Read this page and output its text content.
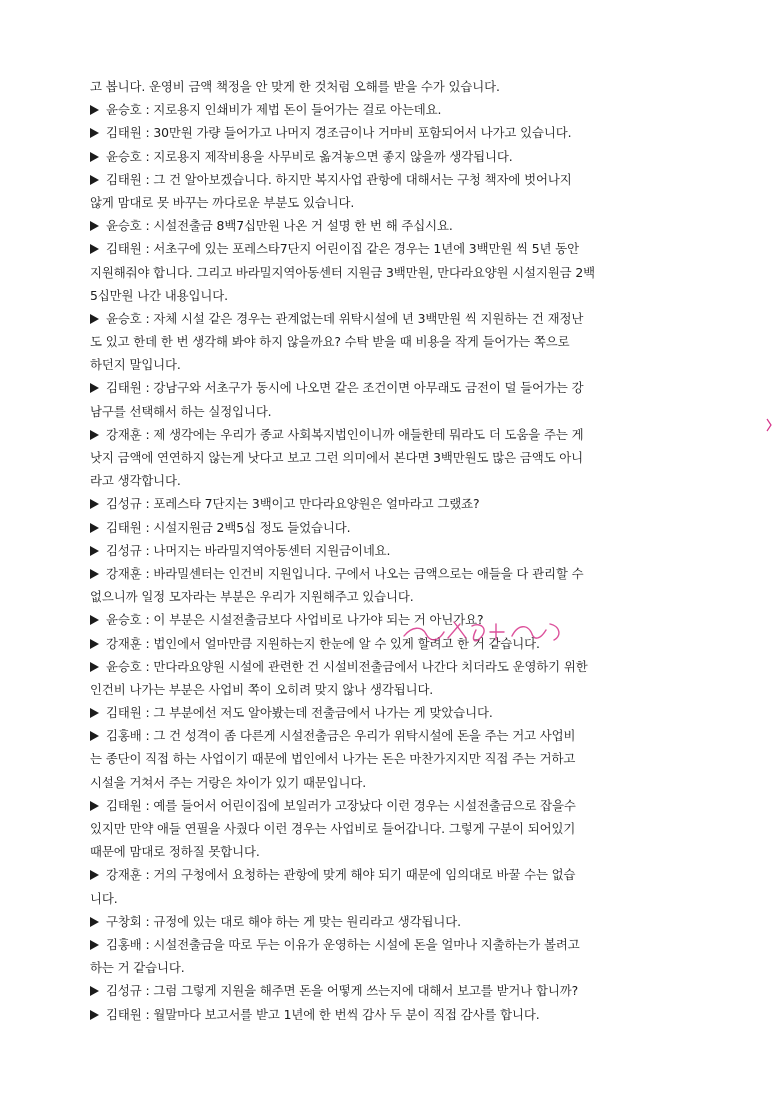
고 봅니다. 운영비 금액 책정을 안 맞게 한 것처럼 오해를 받을 수가 있습니다.
윤승호 : 지로용지 인쇄비가 제법 돈이 들어가는 걸로 아는데요.
김태원 : 30만원 가량 들어가고 나머지 경조금이나 거마비 포함되어서 나가고 있습니다.
윤승호 : 지로용지 제작비용을 사무비로 옮겨놓으면 좋지 않을까 생각됩니다.
김태원 : 그 건 알아보겠습니다. 하지만 복지사업 관항에 대해서는 구청 책자에 벗어나지
않게 맘대로 못 바꾸는 까다로운 부분도 있습니다.
윤승호 : 시설전출금 8백7십만원 나온 거 설명 한 번 해 주십시요.
김태원 : 서초구에 있는 포레스타7단지 어린이집 같은 경우는 1년에 3백만원 씩 5년 동안
지원해줘야 합니다. 그리고 바라밀지역아동센터 지원금 3백만원, 만다라요양원 시설지원금 2백
5십만원 나간 내용입니다.
윤승호 : 자체 시설 같은 경우는 관계없는데 위탁시설에 년 3백만원 씩 지원하는 건 재정난
도 있고 한데 한 번 생각해 봐야 하지 않을까요? 수탁 받을 때 비용을 작게 들어가는 쪽으로
하던지 말입니다.
김태원 : 강남구와 서초구가 동시에 나오면 같은 조건이면 아무래도 금전이 덜 들어가는 강
남구를 선택해서 하는 실정입니다.
강재훈 : 제 생각에는 우리가 종교 사회복지법인이니까 애들한테 뭐라도 더 도움을 주는 게
낫지 금액에 연연하지 않는게 낫다고 보고 그런 의미에서 본다면 3백만원도 많은 금액도 아니
라고 생각합니다.
김성규 : 포레스타 7단지는 3백이고 만다라요양원은 얼마라고 그랬죠?
김태원 : 시설지원금 2백5십 정도 들었습니다.
김성규 : 나머지는 바라밀지역아동센터 지원금이네요.
강재훈 : 바라밀센터는 인건비 지원입니다. 구에서 나오는 금액으로는 애들을 다 관리할 수
없으니까 일정 모자라는 부분은 우리가 지원해주고 있습니다.
윤승호 : 이 부분은 시설전출금보다 사업비로 나가야 되는 거 아닌가요?
강재훈 : 법인에서 얼마만큼 지원하는지 한눈에 알 수 있게 할려고 한 거 같습니다.
윤승호 : 만다라요양원 시설에 관련한 건 시설비전출금에서 나간다 치더라도 운영하기 위한
인건비 나가는 부분은 사업비 쪽이 오히려 맞지 않나 생각됩니다.
김태원 : 그 부분에선 저도 알아봤는데 전출금에서 나가는 게 맞았습니다.
김홍배 : 그 건 성격이 좀 다른게 시설전출금은 우리가 위탁시설에 돈을 주는 거고 사업비
는 종단이 직접 하는 사업이기 때문에 법인에서 나가는 돈은 마찬가지지만 직접 주는 거하고
시설을 거쳐서 주는 거랑은 차이가 있기 때문입니다.
김태원 : 예를 들어서 어린이집에 보일러가 고장났다 이런 경우는 시설전출금으로 잡을수
있지만 만약 애들 연필을 사줬다 이런 경우는 사업비로 들어갑니다. 그렇게 구분이 되어있기
때문에 맘대로 정하질 못합니다.
강재훈 : 거의 구청에서 요청하는 관항에 맞게 해야 되기 때문에 임의대로 바꿀 수는 없습
니다.
구창회 : 규정에 있는 대로 해야 하는 게 맞는 원리라고 생각됩니다.
김홍배 : 시설전출금을 따로 두는 이유가 운영하는 시설에 돈을 얼마나 지출하는가 볼려고
하는 거 같습니다.
김성규 : 그럼 그렇게 지원을 해주면 돈을 어떻게 쓰는지에 대해서 보고를 받거나 합니까?
김태원 : 월말마다 보고서를 받고 1년에 한 번씩 감사 두 분이 직접 감사를 합니다.
